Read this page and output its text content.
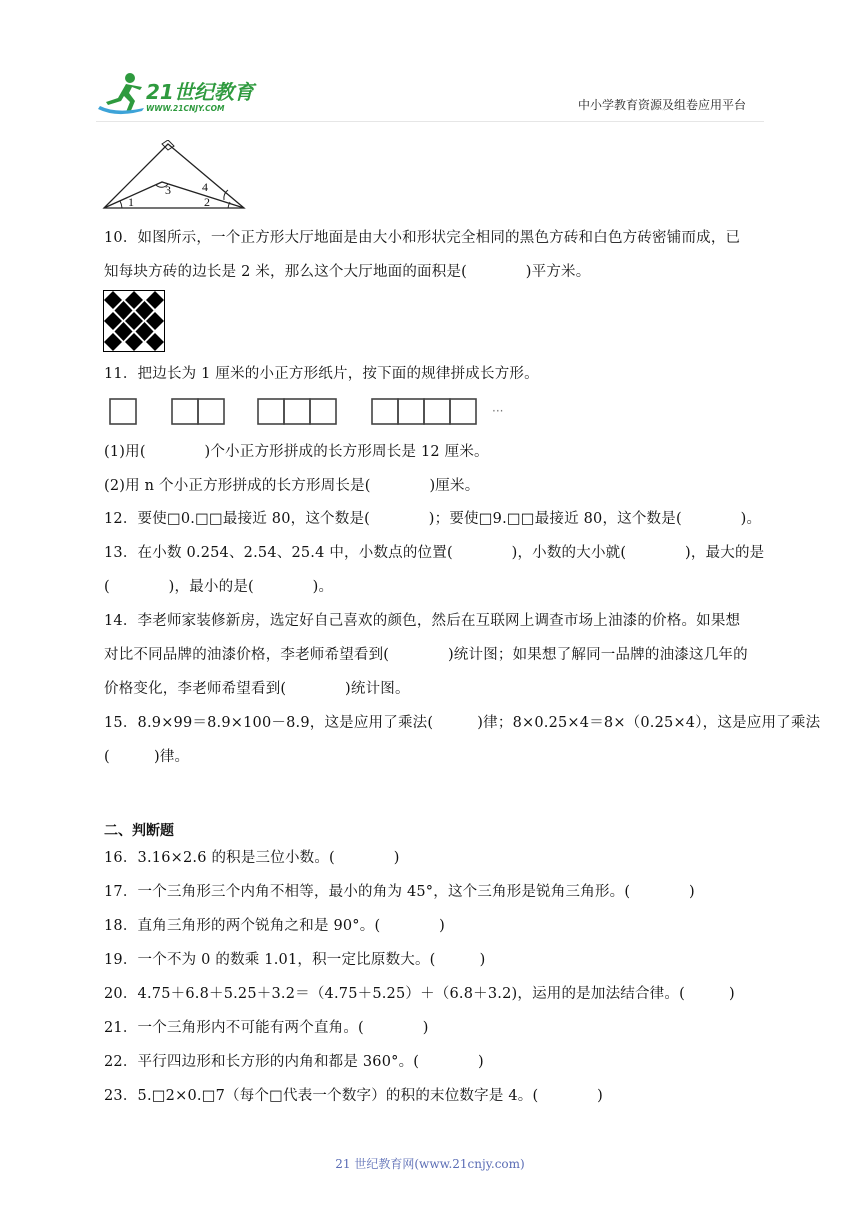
21世纪教育
WWW.21CNJY.COM	中小学教育资源及组卷应用平台
3	4
1	2
10．如图所示，一个正方形大厅地面是由大小和形状完全相同的黑色方砖和白色方砖密铺而成，已
知每块方砖的边长是 2 米，那么这个大厅地面的面积是(　　　　)平方米。
11．把边长为 1 厘米的小正方形纸片，按下面的规律拼成长方形。
···
(1)用(　　　　)个小正方形拼成的长方形周长是 12 厘米。
(2)用 n 个小正方形拼成的长方形周长是(　　　　)厘米。
12．要使□0.□□最接近 80，这个数是(　　　　)；要使□9.□□最接近 80，这个数是(　　　　)。
13．在小数 0.254、2.54、25.4 中，小数点的位置(　　　　)，小数的大小就(　　　　)，最大的是
(　　　　)，最小的是(　　　　)。
14．李老师家装修新房，选定好自己喜欢的颜色，然后在互联网上调查市场上油漆的价格。如果想
对比不同品牌的油漆价格，李老师希望看到(　　　　)统计图；如果想了解同一品牌的油漆这几年的
价格变化，李老师希望看到(　　　　)统计图。
15．8.9×99＝8.9×100－8.9，这是应用了乘法(　　　)律；8×0.25×4＝8×（0.25×4），这是应用了乘法
(　　　)律。
二、判断题
16．3.16×2.6 的积是三位小数。(　　　　)
17．一个三角形三个内角不相等，最小的角为 45°，这个三角形是锐角三角形。(　　　　)
18．直角三角形的两个锐角之和是 90°。(　　　　)
19．一个不为 0 的数乘 1.01，积一定比原数大。(　　　)
20．4.75＋6.8＋5.25＋3.2＝（4.75＋5.25）＋（6.8＋3.2)，运用的是加法结合律。(　　　)
21．一个三角形内不可能有两个直角。(　　　　)
22．平行四边形和长方形的内角和都是 360°。(　　　　)
23．5.□2×0.□7（每个□代表一个数字）的积的末位数字是 4。(　　　　)
21 世纪教育网(www.21cnjy.com)
